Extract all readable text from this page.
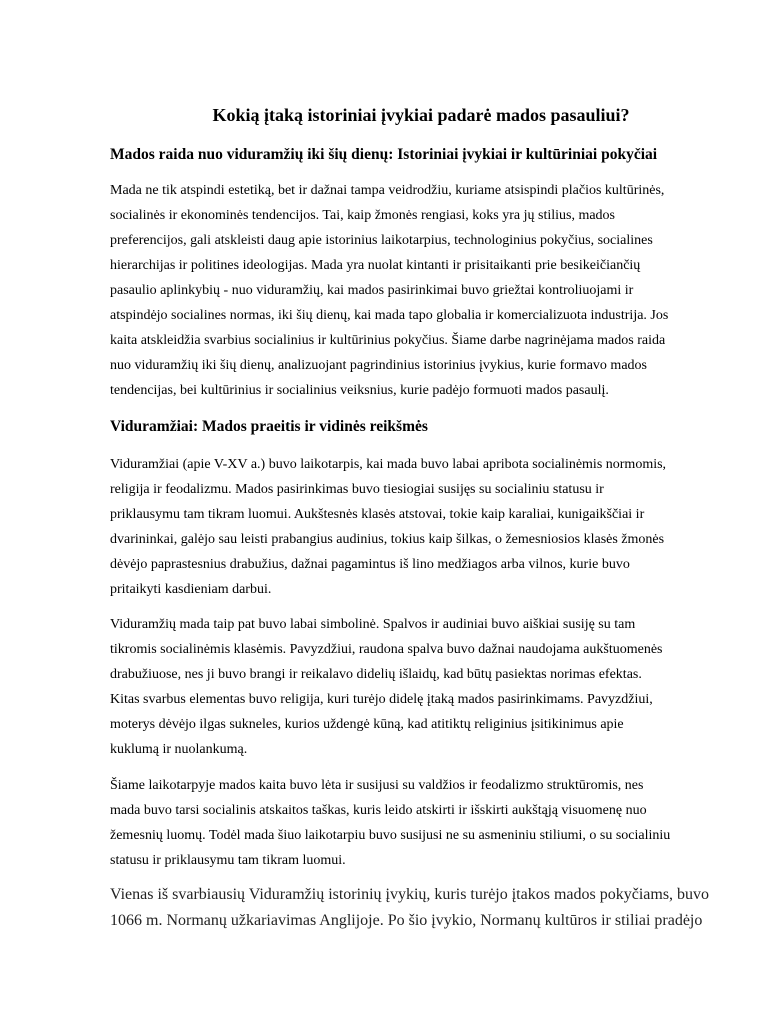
Kokią įtaką istoriniai įvykiai padarė mados pasauliui?
Mados raida nuo viduramžių iki šių dienų: Istoriniai įvykiai ir kultūriniai pokyčiai
Mada ne tik atspindi estetiką, bet ir dažnai tampa veidrodžiu, kuriame atsispindi plačios kultūrinės,
socialinės ir ekonominės tendencijos. Tai, kaip žmonės rengiasi, koks yra jų stilius, mados
preferencijos, gali atskleisti daug apie istorinius laikotarpius, technologinius pokyčius, socialines
hierarchijas ir politines ideologijas. Mada yra nuolat kintanti ir prisitaikanti prie besikeičiančių
pasaulio aplinkybių - nuo viduramžių, kai mados pasirinkimai buvo griežtai kontroliuojami ir
atspindėjo socialines normas, iki šių dienų, kai mada tapo globalia ir komercializuota industrija. Jos
kaita atskleidžia svarbius socialinius ir kultūrinius pokyčius. Šiame darbe nagrinėjama mados raida
nuo viduramžių iki šių dienų, analizuojant pagrindinius istorinius įvykius, kurie formavo mados
tendencijas, bei kultūrinius ir socialinius veiksnius, kurie padėjo formuoti mados pasaulį.
Viduramžiai: Mados praeitis ir vidinės reikšmės
Viduramžiai (apie V-XV a.) buvo laikotarpis, kai mada buvo labai apribota socialinėmis normomis,
religija ir feodalizmu. Mados pasirinkimas buvo tiesiogiai susijęs su socialiniu statusu ir
priklausymu tam tikram luomui. Aukštesnės klasės atstovai, tokie kaip karaliai, kunigaikščiai ir
dvarininkai, galėjo sau leisti prabangius audinius, tokius kaip šilkas, o žemesniosios klasės žmonės
dėvėjo paprastesnius drabužius, dažnai pagamintus iš lino medžiagos arba vilnos, kurie buvo
pritaikyti kasdieniam darbui.
Viduramžių mada taip pat buvo labai simbolinė. Spalvos ir audiniai buvo aiškiai susiję su tam
tikromis socialinėmis klasėmis. Pavyzdžiui, raudona spalva buvo dažnai naudojama aukštuomenės
drabužiuose, nes ji buvo brangi ir reikalavo didelių išlaidų, kad būtų pasiektas norimas efektas.
Kitas svarbus elementas buvo religija, kuri turėjo didelę įtaką mados pasirinkimams. Pavyzdžiui,
moterys dėvėjo ilgas sukneles, kurios uždengė kūną, kad atitiktų religinius įsitikinimus apie
kuklumą ir nuolankumą.
Šiame laikotarpyje mados kaita buvo lėta ir susijusi su valdžios ir feodalizmo struktūromis, nes
mada buvo tarsi socialinis atskaitos taškas, kuris leido atskirti ir išskirti aukštąją visuomenę nuo
žemesnių luomų. Todėl mada šiuo laikotarpiu buvo susijusi ne su asmeniniu stiliumi, o su socialiniu
statusu ir priklausymu tam tikram luomui.
Vienas iš svarbiausių Viduramžių istorinių įvykių, kuris turėjo įtakos mados pokyčiams, buvo
1066 m. Normanų užkariavimas Anglijoje. Po šio įvykio, Normanų kultūros ir stiliai pradėjo
